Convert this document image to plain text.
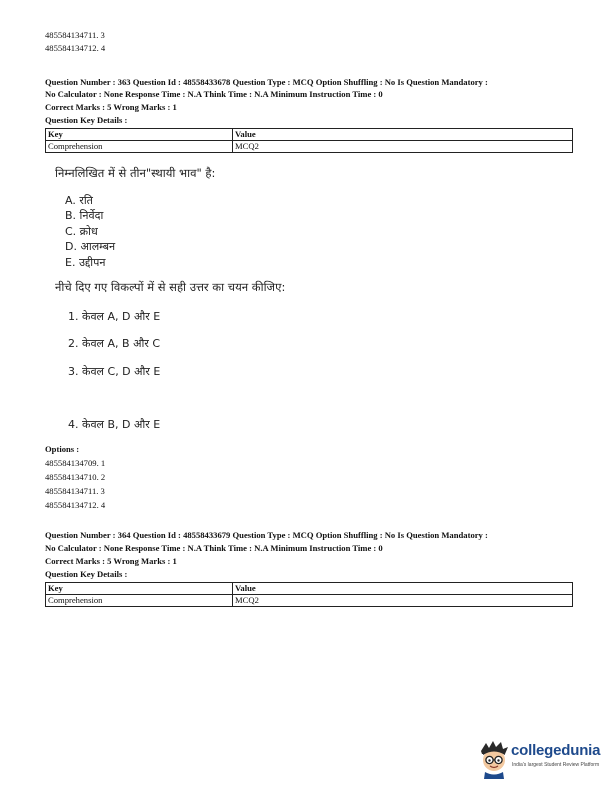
485584134711. 3
485584134712. 4
Question Number : 363 Question Id : 48558433678 Question Type : MCQ Option Shuffling : No Is Question Mandatory :
No Calculator : None Response Time : N.A Think Time : N.A Minimum Instruction Time : 0
Correct Marks : 5 Wrong Marks : 1
Question Key Details :
Key	Value
Comprehension	MCQ2
निम्नलिखित में से तीन"स्थायी भाव" है:
A. रति
B. निर्वेदा
C. क्रोध
D. आलम्बन
E. उद्दीपन
नीचे दिए गए विकल्पों में से सही उत्तर का चयन कीजिए:
1. केवल A, D और E
2. केवल A, B और C
3. केवल C, D और E
4. केवल B, D और E
Options :
485584134709. 1
485584134710. 2
485584134711. 3
485584134712. 4
Question Number : 364 Question Id : 48558433679 Question Type : MCQ Option Shuffling : No Is Question Mandatory :
No Calculator : None Response Time : N.A Think Time : N.A Minimum Instruction Time : 0
Correct Marks : 5 Wrong Marks : 1
Question Key Details :
Key	Value
Comprehension	MCQ2
collegedunia
India's largest Student Review Platform
